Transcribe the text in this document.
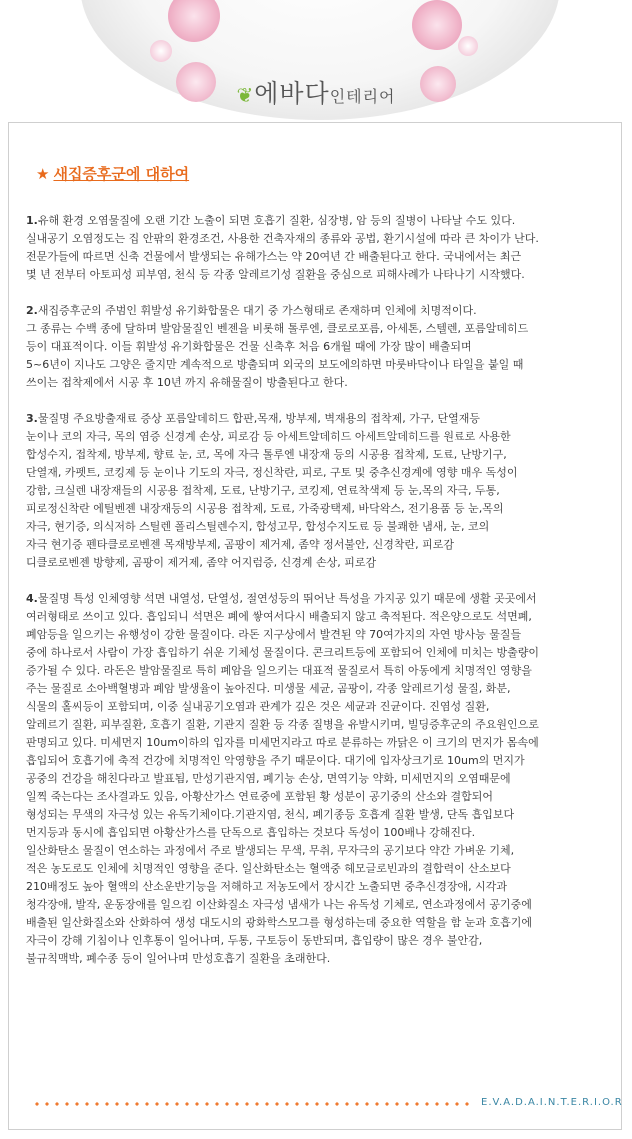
❦에바다인테리어
★ 새집증후군에 대하여
1.유해 환경 오염물질에 오랜 기간 노출이 되면 호흡기 질환, 심장병, 암 등의 질병이 나타날 수도 있다.
실내공기 오염정도는 집 안팎의 환경조건, 사용한 건축자재의 종류와 공법, 환기시설에 따라 큰 차이가 난다.
전문가들에 따르면 신축 건물에서 발생되는 유해가스는 약 20여년 간 배출된다고 한다. 국내에서는 최근
몇 년 전부터 아토피성 피부염, 천식 등 각종 알레르기성 질환을 중심으로 피해사례가 나타나기 시작했다.
2.새집증후군의 주범인 휘발성 유기화합물은 대기 중 가스형태로 존재하며 인체에 치명적이다.
그 종류는 수백 종에 달하며 발암물질인 벤젠을 비롯해 톨루엔, 클로로포름, 아세톤, 스텔렌, 포름알데히드
등이 대표적이다. 이들 휘발성 유기화합물은 건물 신축후 처음 6개월 때에 가장 많이 배출되며
5~6년이 지나도 그양은 줄지만 계속적으로 방출되며 외국의 보도에의하면 마룻바닥이나 타일을 붙일 때
쓰이는 접착제에서 시공 후 10년 까지 유해물질이 방출된다고 한다.
3.물질명 주요방출재료 증상 포름알데히드 합판,목재, 방부제, 벽재용의 접착제, 가구, 단열재등
눈이나 코의 자극, 목의 염증 신경계 손상, 피로감 등 아세트알데히드 아세트알데히드를 원료로 사용한
합성수지, 접착제, 방부제, 향료 눈, 코, 목에 자극 톨루엔 내장재 등의 시공용 접착제, 도료, 난방기구,
단열재, 카펫트, 코킹제 등 눈이나 기도의 자극, 정신착란, 피로, 구토 및 중추신경계에 영향 매우 독성이
강함, 크실렌 내장재들의 시공용 접착제, 도료, 난방기구, 코킹제, 연료착색제 등 눈,목의 자극, 두통,
피로정신착란 에틸벤젠 내장재등의 시공용 접착제, 도료, 가죽광택제, 바닥왁스, 전기용품 등 눈,목의
자극, 현기증, 의식저하 스틸렌 폴리스틸렌수지, 합성고무, 합성수지도료 등 불쾌한 냄새, 눈, 코의
자극 현기증 펜타클로로벤젠 목재방부제, 곰팡이 제거제, 좀약 정서불안, 신경착란, 피로감
디클로로벤젠 방향제, 곰팡이 제거제, 좀약 어지럼증, 신경계 손상, 피로감
4.물질명 특성 인체영향 석면 내열성, 단열성, 절연성등의 뛰어난 특성을 가지공 있기 때문에 생활 곳곳에서
여러형태로 쓰이고 있다. 흡입되니 석면은 폐에 쌓여서다시 배출되지 않고 축적된다. 적은양으로도 석면폐,
폐암등을 일으키는 유행성이 강한 물질이다. 라돈 지구상에서 발견된 약 70여가지의 자연 방사능 물질들
중에 하나로서 사람이 가장 흡입하기 쉬운 기체성 물질이다. 콘크리트등에 포함되어 인체에 미치는 방출량이
증가될 수 있다. 라돈은 발암물질로 특히 폐암을 일으키는 대표적 물질로서 특히 아동에게 치명적인 영향을
주는 물질로 소아백혈병과 폐암 발생율이 높아진다. 미생물 세균, 곰팡이, 각종 알레르기성 물질, 화분,
식물의 홀씨등이 포함되며, 이중 실내공기오염과 관계가 깊은 것은 세균과 진균이다. 진염성 질환,
알레르기 질환, 피부질환, 호흡기 질환, 기관지 질환 등 각종 질병을 유발시키며, 빌딩증후군의 주요원인으로
판명되고 있다. 미세먼지 10um이하의 입자를 미세먼지라고 따로 분류하는 까닭은 이 크기의 먼지가 몸속에
흡입되어 호흡기에 축적 건강에 치명적인 악영향을 주기 때문이다. 대기에 입자상크기로 10um의 먼지가
공중의 건강을 해친다라고 발표됨, 만성기관지염, 폐기능 손상, 면역기능 약화, 미세먼지의 오염때문에
일찍 죽는다는 조사결과도 있음, 아황산가스 연료중에 포함된 황 성분이 공기중의 산소와 결합되어
형성되는 무색의 자극성 있는 유독기체이다.기관지염, 천식, 폐기종등 호흡계 질환 발생, 단독 흡입보다
먼지등과 동시에 흡입되면 아황산가스를 단독으로 흡입하는 것보다 독성이 100배나 강해진다.
일산화탄소 물질이 연소하는 과정에서 주로 발생되는 무색, 무취, 무자극의 공기보다 약간 가벼운 기체,
적은 농도로도 인체에 치명적인 영향을 준다. 일산화탄소는 혈액중 헤모글로빈과의 결합력이 산소보다
210배정도 높아 혈액의 산소운반기능을 저해하고 저농도에서 장시간 노출되면 중추신경장애, 시각과
청각장애, 발작, 운동장애를 일으킴 이산화질소 자극성 냄새가 나는 유독성 기체로, 연소과정에서 공기중에
배출된 일산화질소와 산화하여 생성 대도시의 광화학스모그를 형성하는데 중요한 역할을 함 눈과 호흡기에
자극이 강해 기침이나 인후통이 일어나며, 두통, 구토등이 동반되며, 흡입량이 많은 경우 불안감,
불규칙맥박, 폐수종 등이 일어나며 만성호흡기 질환을 초래한다.
E.V.A.D.A.I.N.T.E.R.I.O.R
